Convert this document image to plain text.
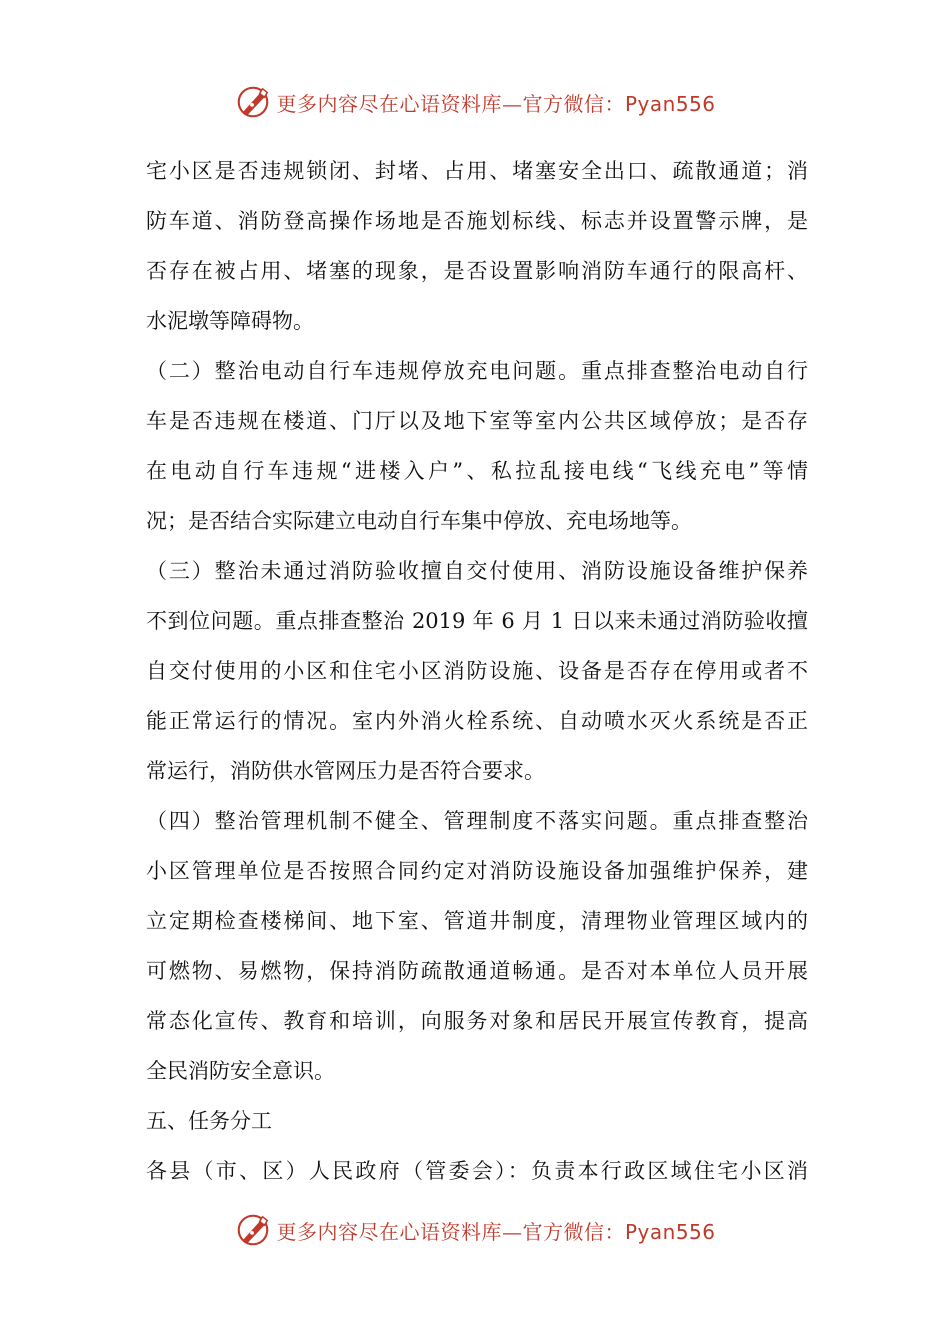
更多内容尽在心语资料库—官方微信：Pyan556
宅小区是否违规锁闭、封堵、占用、堵塞安全出口、疏散通道；消
防车道、消防登高操作场地是否施划标线、标志并设置警示牌，是
否存在被占用、堵塞的现象，是否设置影响消防车通行的限高杆、
水泥墩等障碍物。
（二）整治电动自行车违规停放充电问题。重点排查整治电动自行
车是否违规在楼道、门厅以及地下室等室内公共区域停放；是否存
在电动自行车违规“进楼入户”、私拉乱接电线“飞线充电”等情
况；是否结合实际建立电动自行车集中停放、充电场地等。
（三）整治未通过消防验收擅自交付使用、消防设施设备维护保养
不到位问题。重点排查整治 2019 年 6 月 1 日以来未通过消防验收擅
自交付使用的小区和住宅小区消防设施、设备是否存在停用或者不
能正常运行的情况。室内外消火栓系统、自动喷水灭火系统是否正
常运行，消防供水管网压力是否符合要求。
（四）整治管理机制不健全、管理制度不落实问题。重点排查整治
小区管理单位是否按照合同约定对消防设施设备加强维护保养，建
立定期检查楼梯间、地下室、管道井制度，清理物业管理区域内的
可燃物、易燃物，保持消防疏散通道畅通。是否对本单位人员开展
常态化宣传、教育和培训，向服务对象和居民开展宣传教育，提高
全民消防安全意识。
五、任务分工
各县（市、区）人民政府（管委会）：负责本行政区域住宅小区消
更多内容尽在心语资料库—官方微信：Pyan556
